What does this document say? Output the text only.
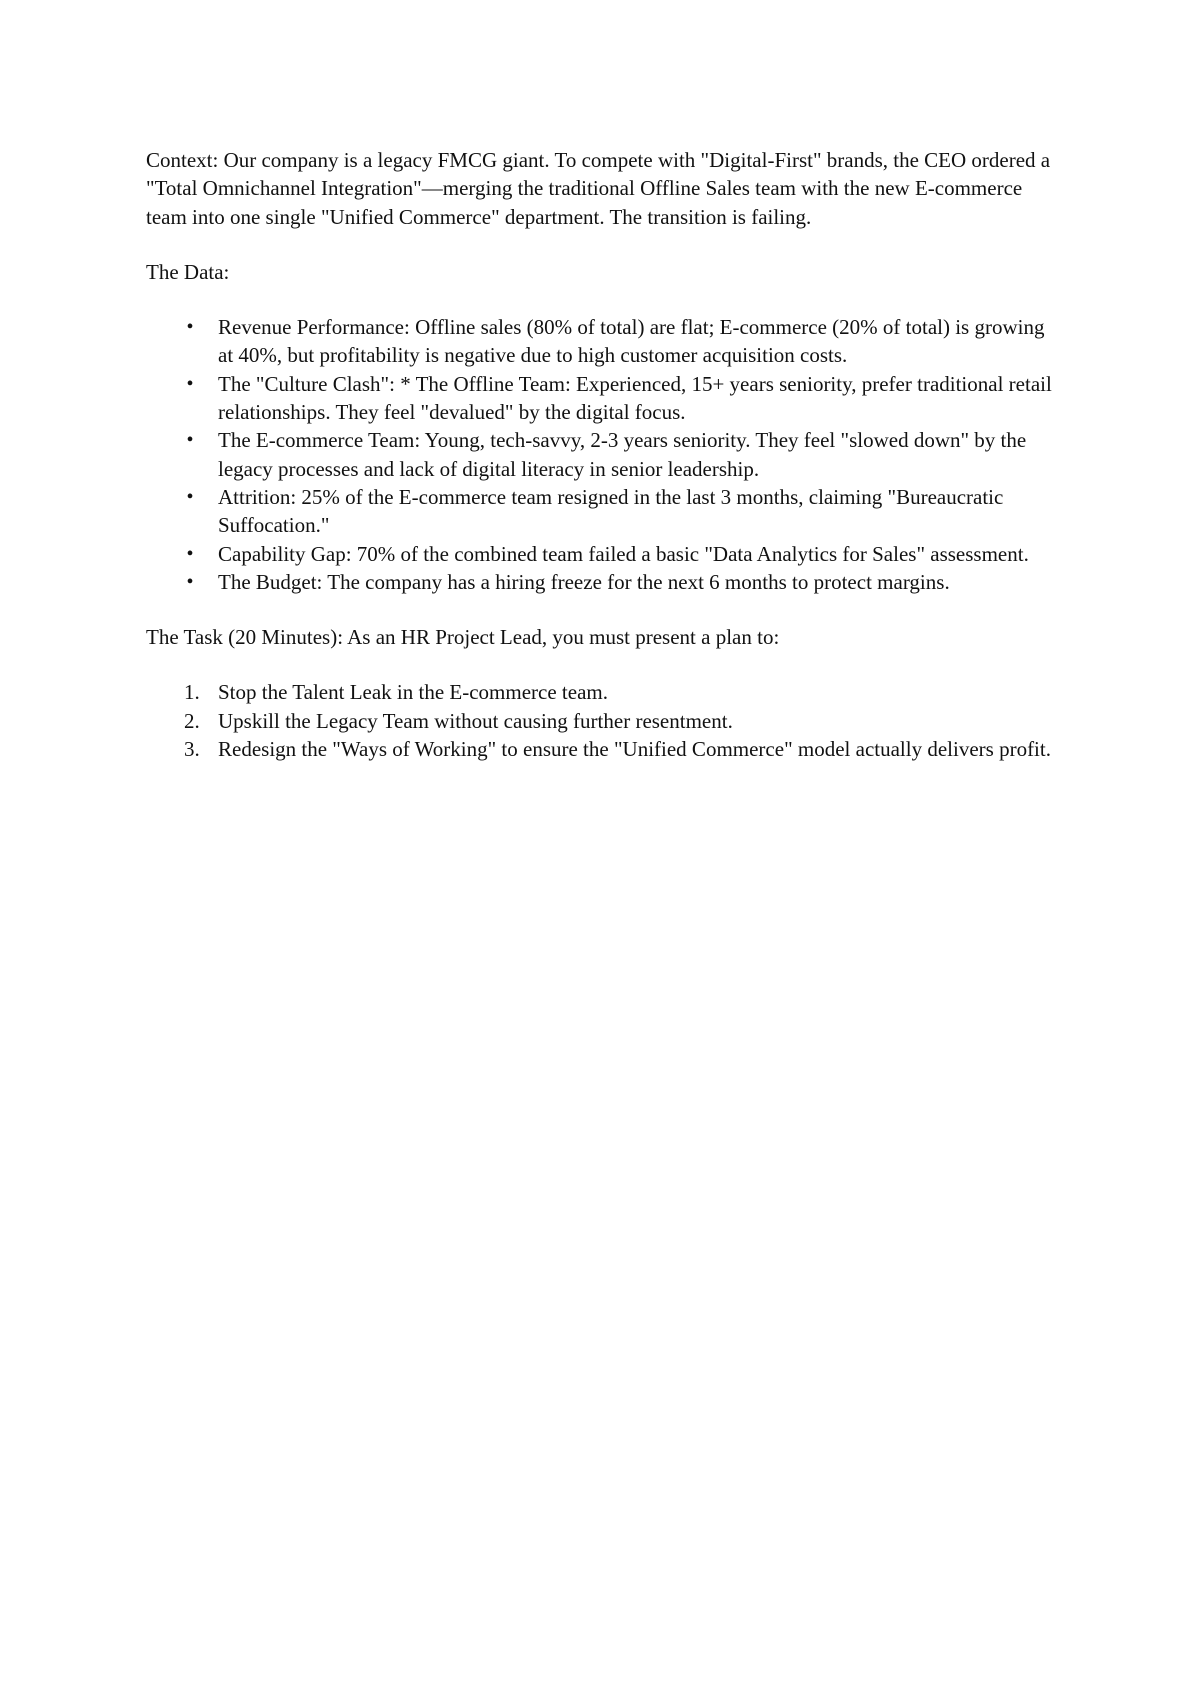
Context: Our company is a legacy FMCG giant. To compete with "Digital-First" brands, the CEO ordered a "Total Omnichannel Integration"—merging the traditional Offline Sales team with the new E-commerce team into one single "Unified Commerce" department. The transition is failing.

The Data:

• Revenue Performance: Offline sales (80% of total) are flat; E-commerce (20% of total) is growing at 40%, but profitability is negative due to high customer acquisition costs.
• The "Culture Clash": * The Offline Team: Experienced, 15+ years seniority, prefer traditional retail relationships. They feel "devalued" by the digital focus.
• The E-commerce Team: Young, tech-savvy, 2-3 years seniority. They feel "slowed down" by the legacy processes and lack of digital literacy in senior leadership.
• Attrition: 25% of the E-commerce team resigned in the last 3 months, claiming "Bureaucratic Suffocation."
• Capability Gap: 70% of the combined team failed a basic "Data Analytics for Sales" assessment.
• The Budget: The company has a hiring freeze for the next 6 months to protect margins.

The Task (20 Minutes): As an HR Project Lead, you must present a plan to:

1. Stop the Talent Leak in the E-commerce team.
2. Upskill the Legacy Team without causing further resentment.
3. Redesign the "Ways of Working" to ensure the "Unified Commerce" model actually delivers profit.
